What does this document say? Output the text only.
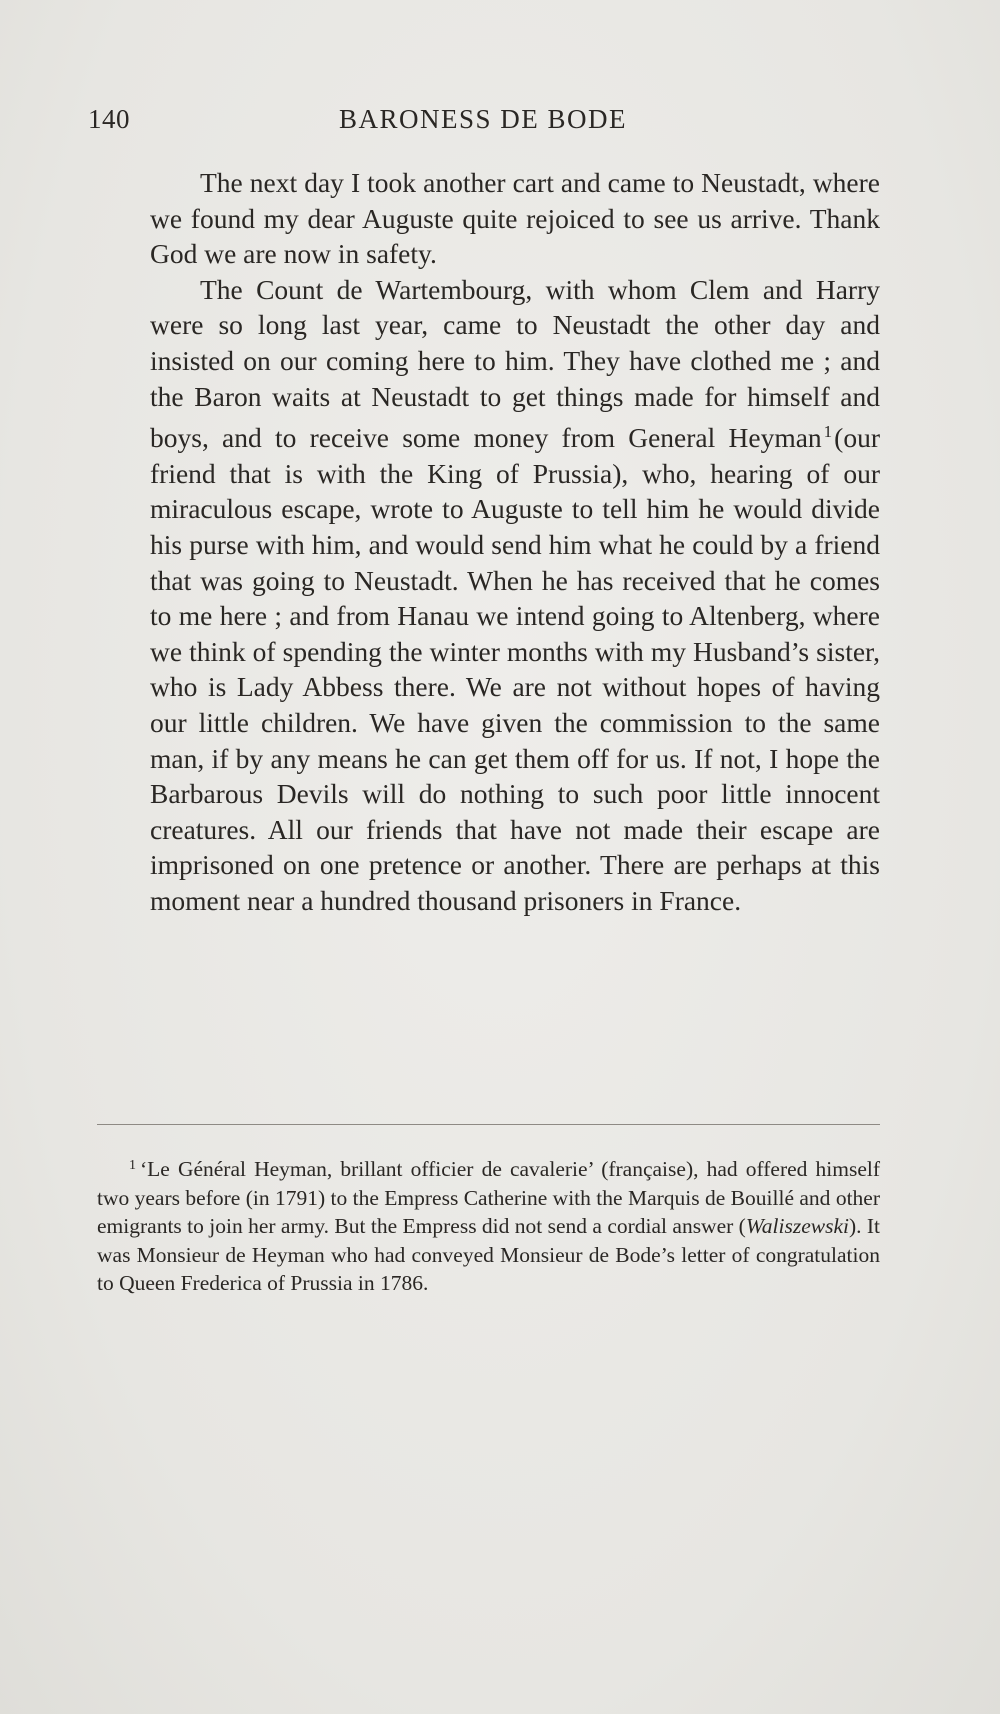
140	BARONESS DE BODE

The next day I took another cart and came to Neustadt, where we found my dear Auguste quite rejoiced to see us arrive. Thank God we are now in safety.

The Count de Wartembourg, with whom Clem and Harry were so long last year, came to Neustadt the other day and insisted on our coming here to him. They have clothed me ; and the Baron waits at Neustadt to get things made for himself and boys, and to receive some money from General Heyman $^1$(our friend that is with the King of Prussia), who, hearing of our miraculous escape, wrote to Auguste to tell him he would divide his purse with him, and would send him what he could by a friend that was going to Neustadt. When he has received that he comes to me here ; and from Hanau we intend going to Altenberg, where we think of spending the winter months with my Husband’s sister, who is Lady Abbess there. We are not without hopes of having our little children. We have given the commission to the same man, if by any means he can get them off for us. If not, I hope the Barbarous Devils will do nothing to such poor little innocent creatures. All our friends that have not made their escape are imprisoned on one pretence or another. There are perhaps at this moment near a hundred thousand prisoners in France.

$^1$ ‘Le Général Heyman, brillant officier de cavalerie’ (française), had offered himself two years before (in 1791) to the Empress Catherine with the Marquis de Bouillé and other emigrants to join her army. But the Empress did not send a cordial answer (Waliszewski). It was Monsieur de Heyman who had conveyed Monsieur de Bode’s letter of congratulation to Queen Frederica of Prussia in 1786.
